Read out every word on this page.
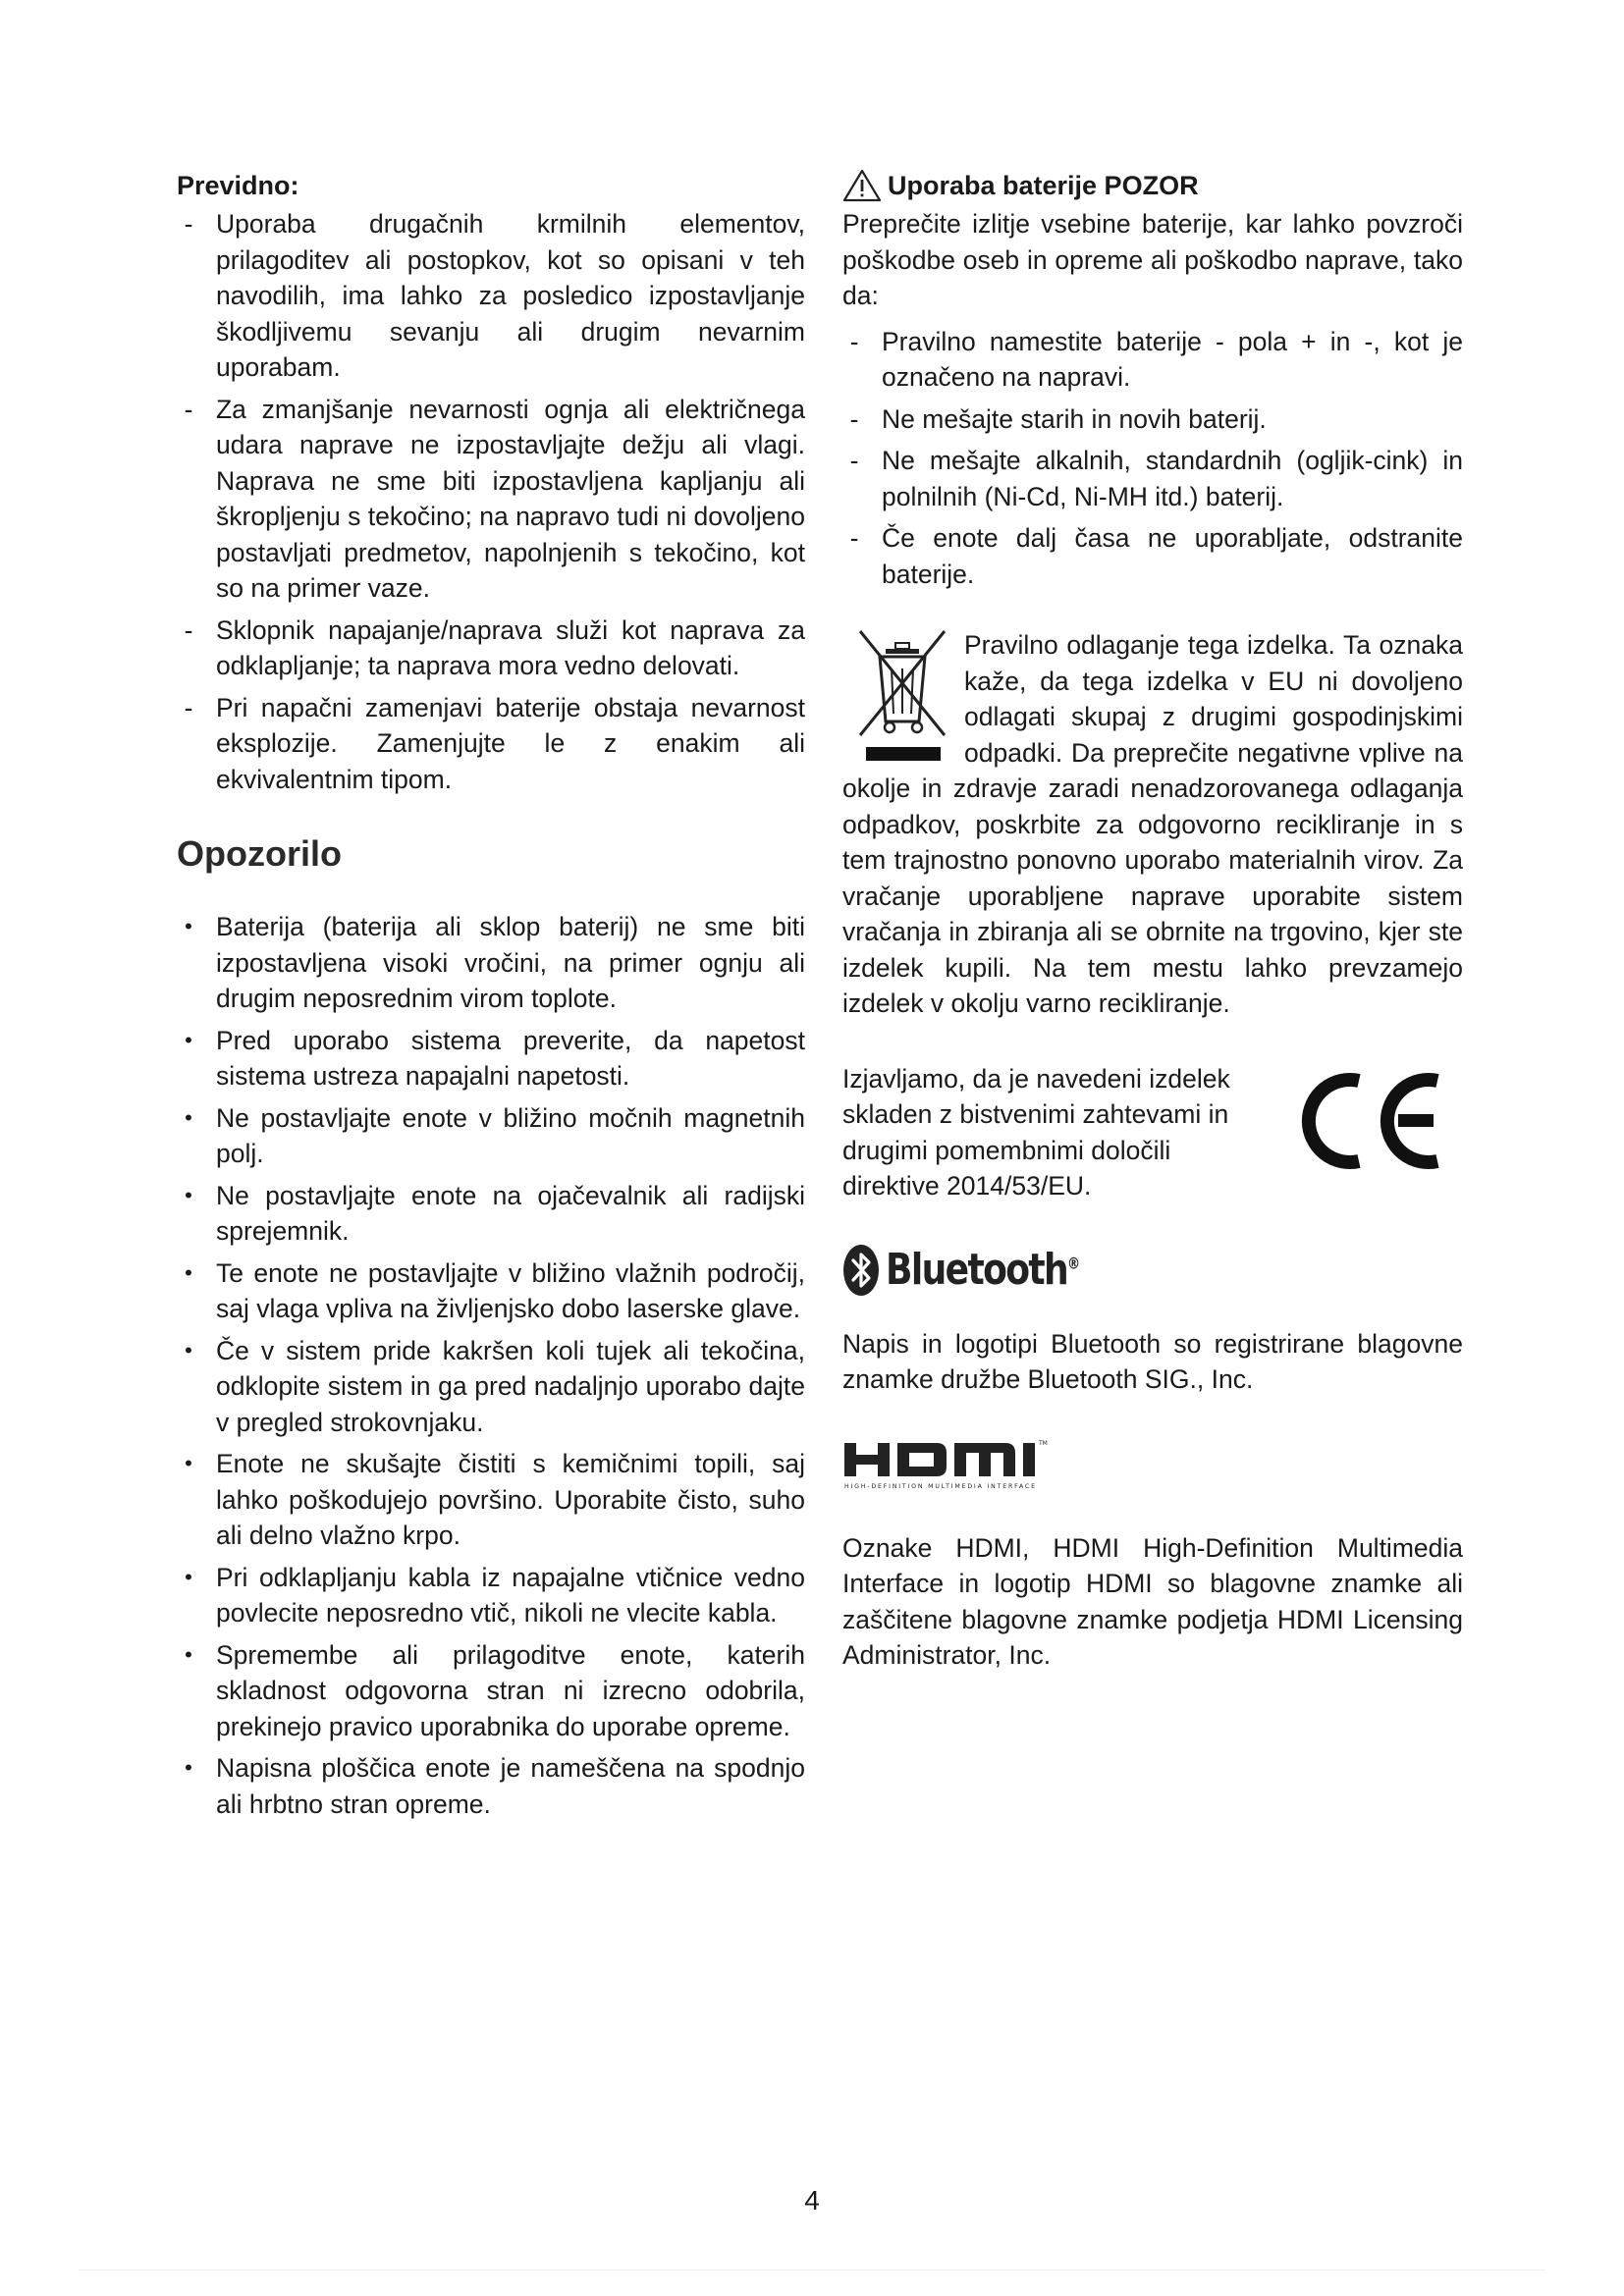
Previdno:

- Uporaba drugačnih krmilnih elementov, prilagoditev ali postopkov, kot so opisani v teh navodilih, ima lahko za posledico izpostavljanje škodljivemu sevanju ali drugim nevarnim uporabam.
- Za zmanjšanje nevarnosti ognja ali električnega udara naprave ne izpostavljajte dežju ali vlagi. Naprava ne sme biti izpostavljena kapljanju ali škropljenju s tekočino; na napravo tudi ni dovoljeno postavljati predmetov, napolnjenih s tekočino, kot so na primer vaze.
- Sklopnik napajanje/naprava služi kot naprava za odklapljanje; ta naprava mora vedno delovati.
- Pri napačni zamenjavi baterije obstaja nevarnost eksplozije. Zamenjujte le z enakim ali ekvivalentnim tipom.
Opozorilo
• Baterija (baterija ali sklop baterij) ne sme biti izpostavljena visoki vročini, na primer ognju ali drugim neposrednim virom toplote.
• Pred uporabo sistema preverite, da napetost sistema ustreza napajalni napetosti.
• Ne postavljajte enote v bližino močnih magnetnih polj.
• Ne postavljajte enote na ojačevalnik ali radijski sprejemnik.
• Te enote ne postavljajte v bližino vlažnih področij, saj vlaga vpliva na življenjsko dobo laserske glave.
• Če v sistem pride kakršen koli tujek ali tekočina, odklopite sistem in ga pred nadaljnjo uporabo dajte v pregled strokovnjaku.
• Enote ne skušajte čistiti s kemičnimi topili, saj lahko poškodujejo površino. Uporabite čisto, suho ali delno vlažno krpo.
• Pri odklapljanju kabla iz napajalne vtičnice vedno povlecite neposredno vtič, nikoli ne vlecite kabla.
• Spremembe ali prilagoditve enote, katerih skladnost odgovorna stran ni izrecno odobrila, prekinejo pravico uporabnika do uporabe opreme.
• Napisna ploščica enote je nameščena na spodnjo ali hrbtno stran opreme.

Uporaba baterije POZOR

Preprečite izlitje vsebine baterije, kar lahko povzroči poškodbe oseb in opreme ali poškodbo naprave, tako da:

- Pravilno namestite baterije - pola + in -, kot je označeno na napravi.
- Ne mešajte starih in novih baterij.
- Ne mešajte alkalnih, standardnih (ogljik-cink) in polnilnih (Ni-Cd, Ni-MH itd.) baterij.
- Če enote dalj časa ne uporabljate, odstranite baterije.

Pravilno odlaganje tega izdelka. Ta oznaka kaže, da tega izdelka v EU ni dovoljeno odlagati skupaj z drugimi gospodinjskimi odpadki. Da preprečite negativne vplive na okolje in zdravje zaradi nenadzorovanega odlaganja odpadkov, poskrbite za odgovorno recikliranje in s tem trajnostno ponovno uporabo materialnih virov. Za vračanje uporabljene naprave uporabite sistem vračanja in zbiranja ali se obrnite na trgovino, kjer ste izdelek kupili. Na tem mestu lahko prevzamejo izdelek v okolju varno recikliranje.

Izjavljamo, da je navedeni izdelek skladen z bistvenimi zahtevami in drugimi pomembnimi določili direktive 2014/53/EU.

Bluetooth®

Napis in logotipi Bluetooth so registrirane blagovne znamke družbe Bluetooth SIG., Inc.

TM
HIGH-DEFINITION MULTIMEDIA INTERFACE

Oznake HDMI, HDMI High-Definition Multimedia Interface in logotip HDMI so blagovne znamke ali zaščitene blagovne znamke podjetja HDMI Licensing Administrator, Inc.

4
